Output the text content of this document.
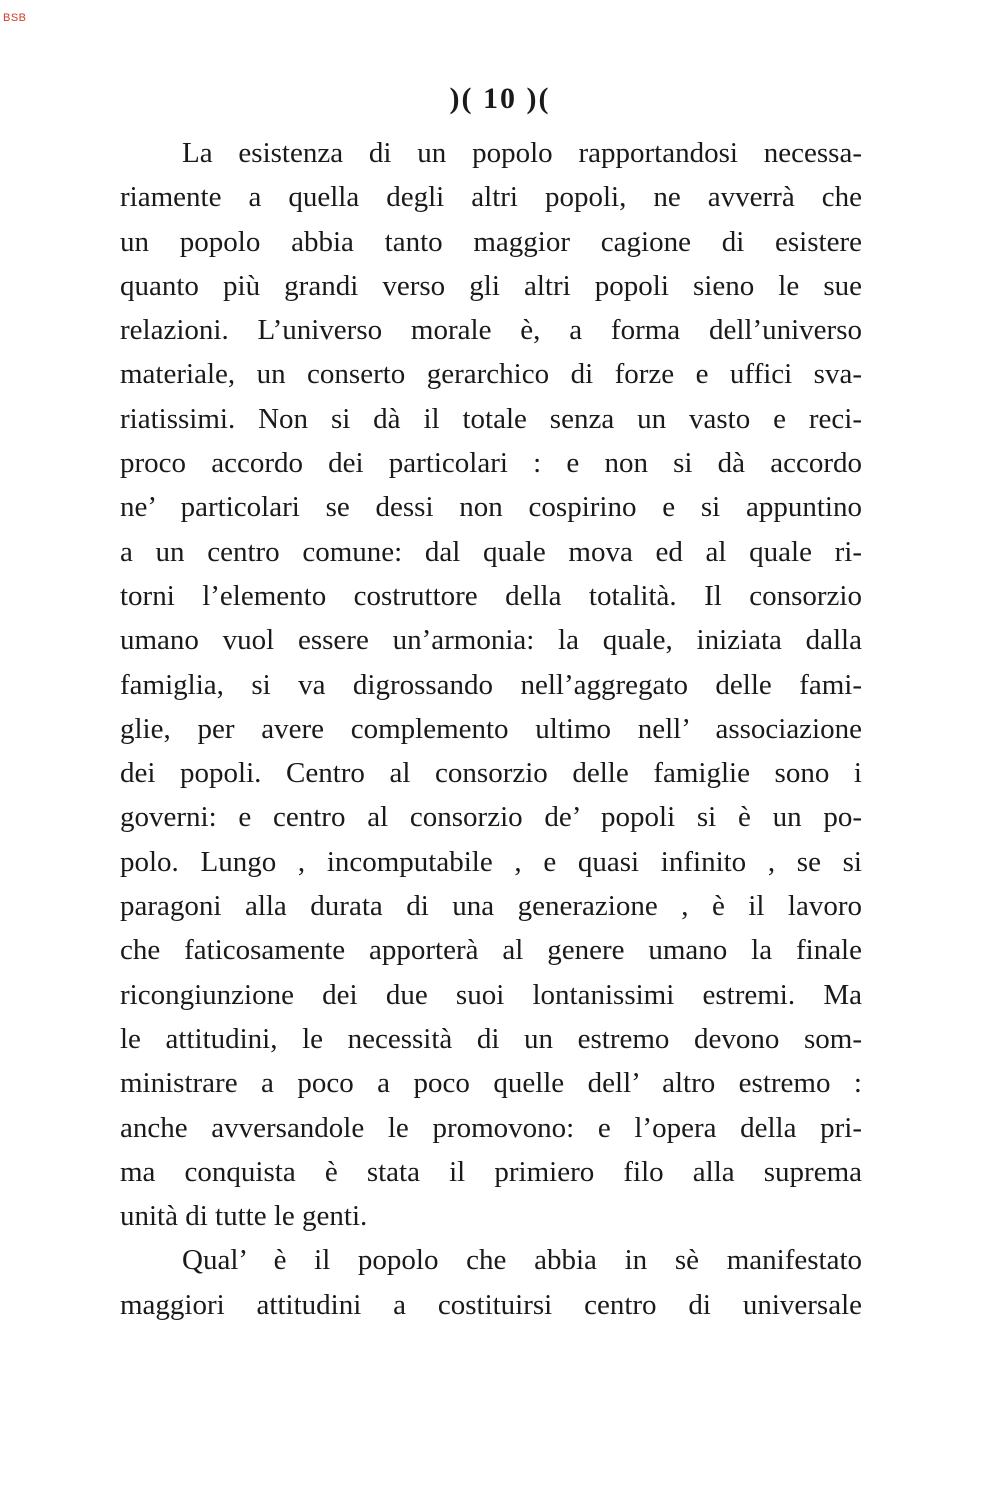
BSB
)( 10 )(
La esistenza di un popolo rapportandosi necessa-
riamente a quella degli altri popoli, ne avverrà che
un popolo abbia tanto maggior cagione di esistere
quanto più grandi verso gli altri popoli sieno le sue
relazioni. L’universo morale è, a forma dell’universo
materiale, un conserto gerarchico di forze e uffici sva-
riatissimi. Non si dà il totale senza un vasto e reci-
proco accordo dei particolari : e non si dà accordo
ne’ particolari se dessi non cospirino e si appuntino
a un centro comune: dal quale mova ed al quale ri-
torni l’elemento costruttore della totalità. Il consorzio
umano vuol essere un’armonia: la quale, iniziata dalla
famiglia, si va digrossando nell’aggregato delle fami-
glie, per avere complemento ultimo nell’ associazione
dei popoli. Centro al consorzio delle famiglie sono i
governi: e centro al consorzio de’ popoli si è un po-
polo. Lungo , incomputabile , e quasi infinito , se si
paragoni alla durata di una generazione , è il lavoro
che faticosamente apporterà al genere umano la finale
ricongiunzione dei due suoi lontanissimi estremi. Ma
le attitudini, le necessità di un estremo devono som-
ministrare a poco a poco quelle dell’ altro estremo :
anche avversandole le promovono: e l’opera della pri-
ma conquista è stata il primiero filo alla suprema
unità di tutte le genti.
Qual’ è il popolo che abbia in sè manifestato
maggiori attitudini a costituirsi centro di universale
